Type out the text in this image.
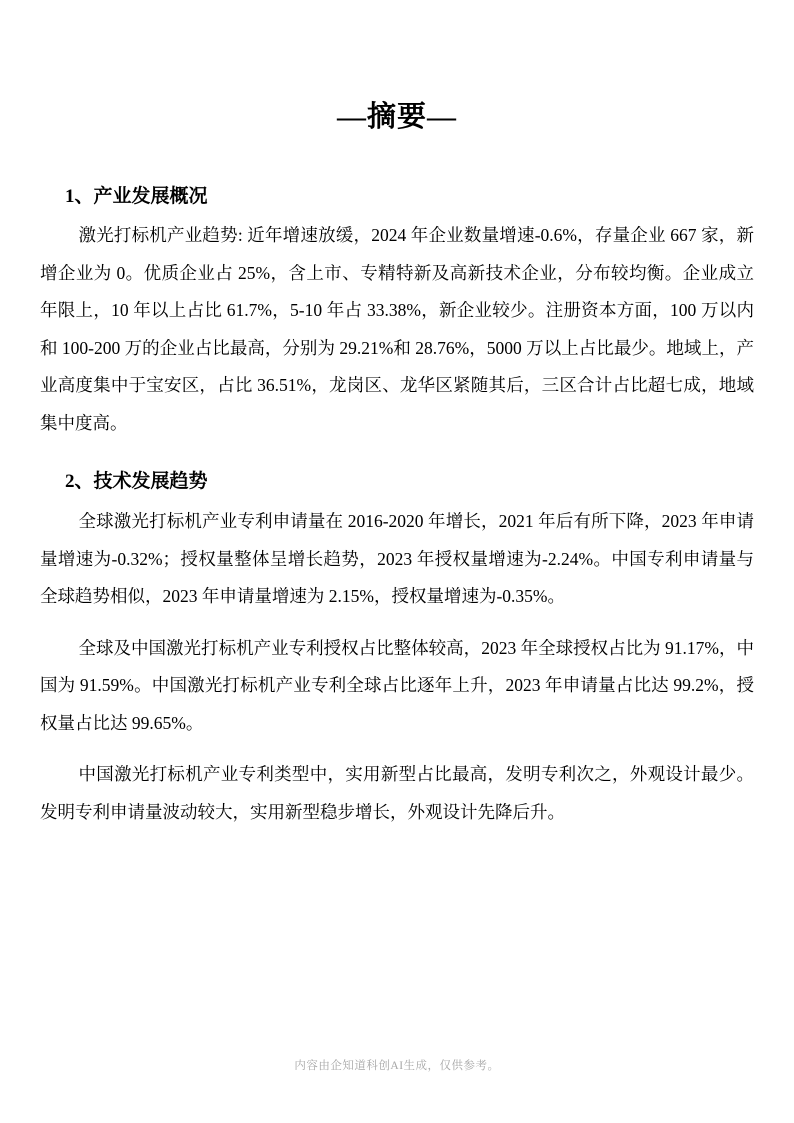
—摘要—
1、产业发展概况

激光打标机产业趋势: 近年增速放缓，2024 年企业数量增速-0.6%，存量企业 667 家，新增企业为 0。优质企业占 25%，含上市、专精特新及高新技术企业，分布较均衡。企业成立年限上，10 年以上占比 61.7%，5-10 年占 33.38%，新企业较少。注册资本方面，100 万以内和 100-200 万的企业占比最高，分别为 29.21%和 28.76%，5000 万以上占比最少。地域上，产业高度集中于宝安区，占比 36.51%，龙岗区、龙华区紧随其后，三区合计占比超七成，地域集中度高。

2、技术发展趋势

全球激光打标机产业专利申请量在 2016-2020 年增长，2021 年后有所下降，2023 年申请量增速为-0.32%；授权量整体呈增长趋势，2023 年授权量增速为-2.24%。中国专利申请量与全球趋势相似，2023 年申请量增速为 2.15%，授权量增速为-0.35%。

全球及中国激光打标机产业专利授权占比整体较高，2023 年全球授权占比为 91.17%，中国为 91.59%。中国激光打标机产业专利全球占比逐年上升，2023 年申请量占比达 99.2%，授权量占比达 99.65%。

中国激光打标机产业专利类型中，实用新型占比最高，发明专利次之，外观设计最少。发明专利申请量波动较大，实用新型稳步增长，外观设计先降后升。

内容由企知道科创AI生成，仅供参考。
